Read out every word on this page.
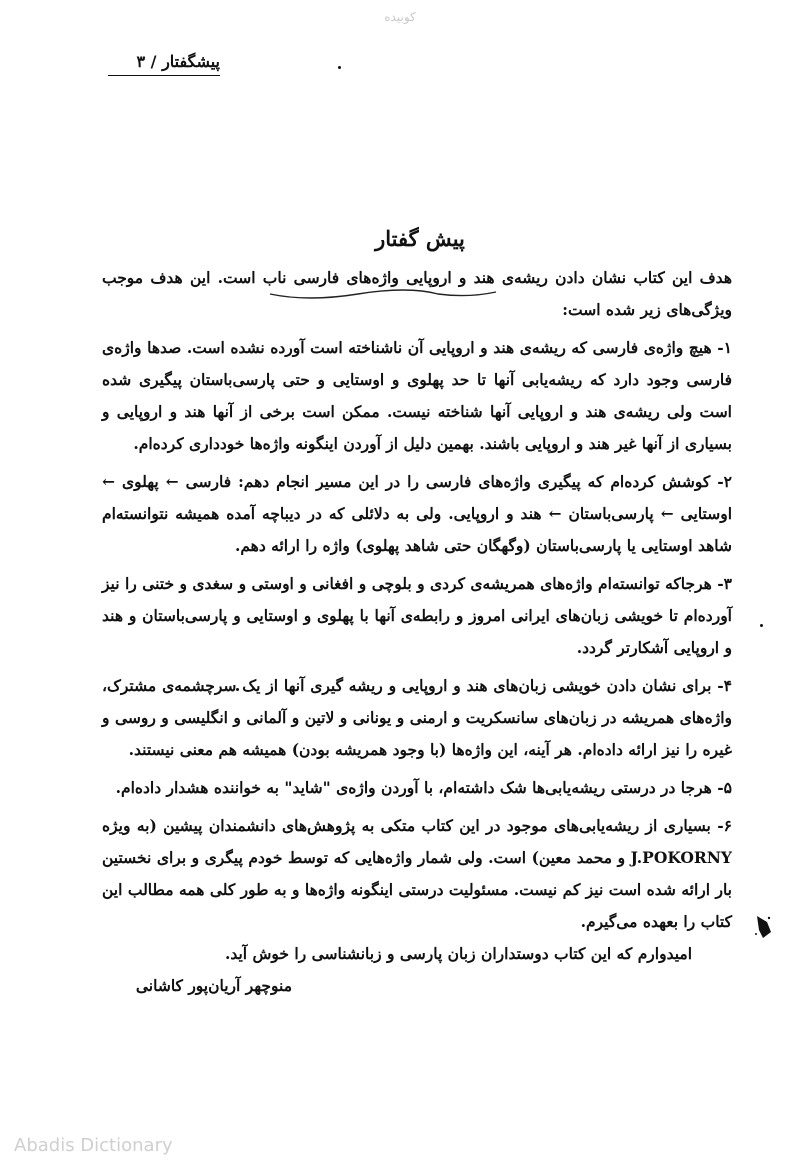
کوبیده
پیشگفتار / ۳
پیش گفتار

هدف این کتاب نشان دادن ریشه‌ی هند و اروپایی واژه‌های فارسی ناب است. این هدف موجب ویژگی‌های زیر شده است:

۱- هیچ واژه‌ی فارسی که ریشه‌ی هند و اروپایی آن ناشناخته است آورده نشده است. صدها واژه‌ی فارسی وجود دارد که ریشه‌یابی آنها تا حد پهلوی و اوستایی و حتی پارسی‌باستان پیگیری شده است ولی ریشه‌ی هند و اروپایی آنها شناخته نیست. ممکن است برخی از آنها هند و اروپایی و بسیاری از آنها غیر هند و اروپایی باشند. بهمین دلیل از آوردن اینگونه واژه‌ها خودداری کرده‌ام.

۲- کوشش کرده‌ام که پیگیری واژه‌های فارسی را در این مسیر انجام دهم: فارسی ← پهلوی ← اوستایی ← پارسی‌باستان ← هند و اروپایی. ولی به دلائلی که در دیباچه آمده همیشه نتوانسته‌ام شاهد اوستایی یا پارسی‌باستان (وگهگان حتی شاهد پهلوی) واژه را ارائه دهم.

۳- هرجاکه توانسته‌ام واژه‌های همریشه‌ی کردی و بلوچی و افغانی و اوستی و سغدی و ختنی را نیز آورده‌ام تا خویشی زبان‌های ایرانی امروز و رابطه‌ی آنها با پهلوی و اوستایی و پارسی‌باستان و هند و اروپایی آشکارتر گردد.

۴- برای نشان دادن خویشی زبان‌های هند و اروپایی و ریشه گیری آنها از یک سرچشمه‌ی مشترک، واژه‌های همریشه در زبان‌های سانسکریت و ارمنی و یونانی و لاتین و آلمانی و انگلیسی و روسی و غیره را نیز ارائه داده‌ام. هر آینه، این واژه‌ها (با وجود همریشه بودن) همیشه هم معنی نیستند.

۵- هرجا در درستی ریشه‌یابی‌ها شک داشته‌ام، با آوردن واژه‌ی "شاید" به خواننده هشدار داده‌ام.

۶- بسیاری از ریشه‌یابی‌های موجود در این کتاب متکی به پژوهش‌های دانشمندان پیشین (به ویژه J.POKORNY و محمد معین) است. ولی شمار واژه‌هایی که توسط خودم پیگری و برای نخستین بار ارائه شده است نیز کم نیست. مسئولیت درستی اینگونه واژه‌ها و به طور کلی همه مطالب این کتاب را بعهده می‌گیرم.

امیدوارم که این کتاب دوستداران زبان پارسی و زبانشناسی را خوش آید.

منوچهر آریان‌پور کاشانی

Abadis Dictionary
